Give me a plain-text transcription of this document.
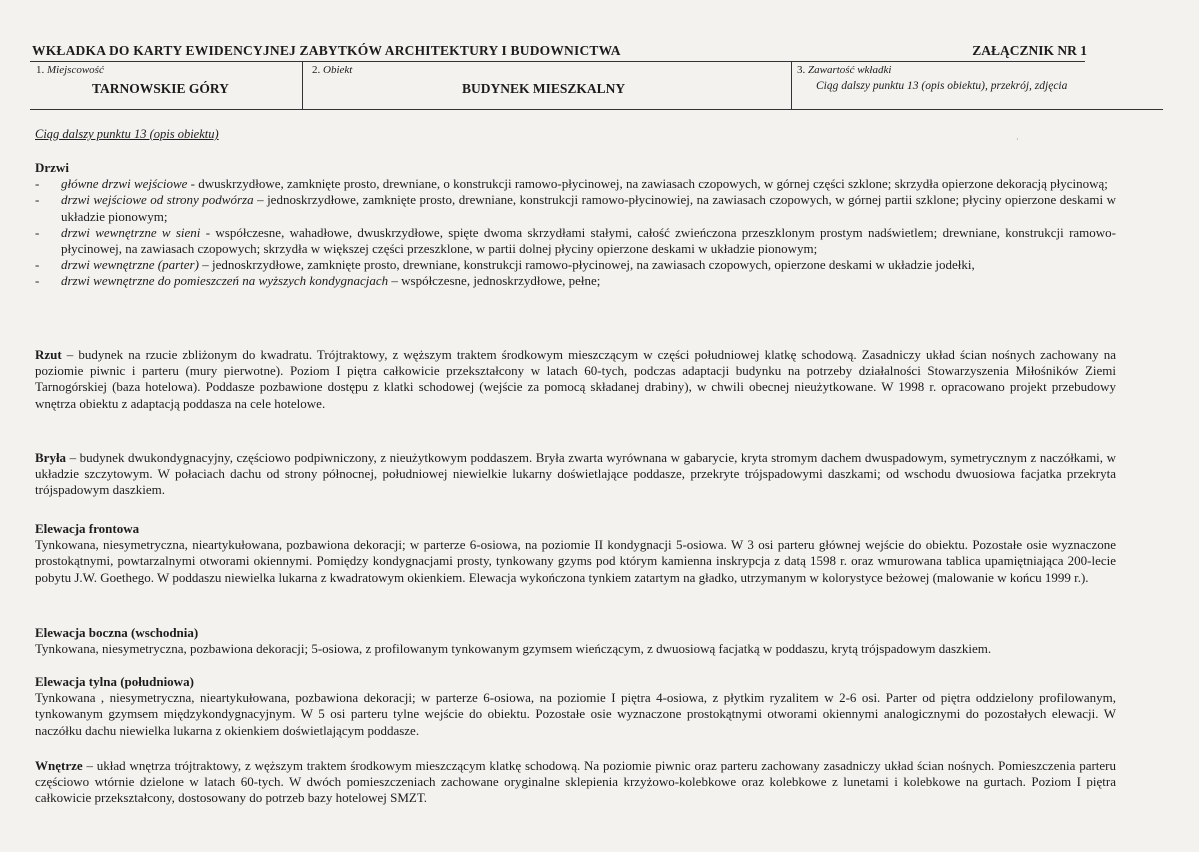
WKŁADKA DO KARTY EWIDENCYJNEJ ZABYTKÓW ARCHITEKTURY I BUDOWNICTWA	ZAŁĄCZNIK NR 1
1. Miejscowość
TARNOWSKIE GÓRY
2. Obiekt
BUDYNEK MIESZKALNY
3. Zawartość wkładki
Ciąg dalszy punktu 13 (opis obiektu), przekrój, zdjęcia
Ciąg dalszy punktu 13 (opis obiektu)	·
Drzwi
- główne drzwi wejściowe - dwuskrzydłowe, zamknięte prosto, drewniane, o konstrukcji ramowo-płycinowej, na zawiasach czopowych, w górnej części szklone; skrzydła opierzone dekoracją płycinową;
- drzwi wejściowe od strony podwórza – jednoskrzydłowe, zamknięte prosto, drewniane, konstrukcji ramowo-płycinowiej, na zawiasach czopowych, w górnej partii szklone; płyciny opierzone deskami w układzie pionowym;
- drzwi wewnętrzne w sieni - współczesne, wahadłowe, dwuskrzydłowe, spięte dwoma skrzydłami stałymi, całość zwieńczona przeszklonym prostym nadświetlem; drewniane, konstrukcji ramowo-płycinowej, na zawiasach czopowych; skrzydła w większej części przeszklone, w partii dolnej płyciny opierzone deskami w układzie pionowym;
- drzwi wewnętrzne (parter) – jednoskrzydłowe, zamknięte prosto, drewniane, konstrukcji ramowo-płycinowej, na zawiasach czopowych, opierzone deskami w układzie jodełki,
- drzwi wewnętrzne do pomieszczeń na wyższych kondygnacjach – współczesne, jednoskrzydłowe, pełne;

Rzut – budynek na rzucie zbliżonym do kwadratu. Trójtraktowy, z węższym traktem środkowym mieszczącym w części południowej klatkę schodową. Zasadniczy układ ścian nośnych zachowany na poziomie piwnic i parteru (mury pierwotne). Poziom I piętra całkowicie przekształcony w latach 60-tych, podczas adaptacji budynku na potrzeby działalności Stowarzyszenia Miłośników Ziemi Tarnogórskiej (baza hotelowa). Poddasze pozbawione dostępu z klatki schodowej (wejście za pomocą składanej drabiny), w chwili obecnej nieużytkowane. W 1998 r. opracowano projekt przebudowy wnętrza obiektu z adaptacją poddasza na cele hotelowe.

Bryła – budynek dwukondygnacyjny, częściowo podpiwniczony, z nieużytkowym poddaszem. Bryła zwarta wyrównana w gabarycie, kryta stromym dachem dwuspadowym, symetrycznym z naczółkami, w układzie szczytowym. W połaciach dachu od strony północnej, południowej niewielkie lukarny doświetlające poddasze, przekryte trójspadowymi daszkami; od wschodu dwuosiowa facjatka przekryta trójspadowym daszkiem.

Elewacja frontowa

Tynkowana, niesymetryczna, nieartykułowana, pozbawiona dekoracji; w parterze 6-osiowa, na poziomie II kondygnacji 5-osiowa. W 3 osi parteru głównej wejście do obiektu. Pozostałe osie wyznaczone prostokątnymi, powtarzalnymi otworami okiennymi. Pomiędzy kondygnacjami prosty, tynkowany gzyms pod którym kamienna inskrypcja z datą 1598 r. oraz wmurowana tablica upamiętniająca 200-lecie pobytu J.W. Goethego. W poddaszu niewielka lukarna z kwadratowym okienkiem. Elewacja wykończona tynkiem zatartym na gładko, utrzymanym w kolorystyce beżowej (malowanie w końcu 1999 r.).

Elewacja boczna (wschodnia)

Tynkowana, niesymetryczna, pozbawiona dekoracji; 5-osiowa, z profilowanym tynkowanym gzymsem wieńczącym, z dwuosiową facjatką w poddaszu, krytą trójspadowym daszkiem.

Elewacja tylna (południowa)

Tynkowana , niesymetryczna, nieartykułowana, pozbawiona dekoracji; w parterze 6-osiowa, na poziomie I piętra 4-osiowa, z płytkim ryzalitem w 2-6 osi. Parter od piętra oddzielony profilowanym, tynkowanym gzymsem międzykondygnacyjnym. W 5 osi parteru tylne wejście do obiektu. Pozostałe osie wyznaczone prostokątnymi otworami okiennymi analogicznymi do pozostałych elewacji. W naczółku dachu niewielka lukarna z okienkiem doświetlającym poddasze.

Wnętrze – układ wnętrza trójtraktowy, z węższym traktem środkowym mieszczącym klatkę schodową. Na poziomie piwnic oraz parteru zachowany zasadniczy układ ścian nośnych. Pomieszczenia parteru częściowo wtórnie dzielone w latach 60-tych. W dwóch pomieszczeniach zachowane oryginalne sklepienia krzyżowo-kolebkowe oraz kolebkowe z lunetami i kolebkowe na gurtach. Poziom I piętra całkowicie przekształcony, dostosowany do potrzeb bazy hotelowej SMZT.
